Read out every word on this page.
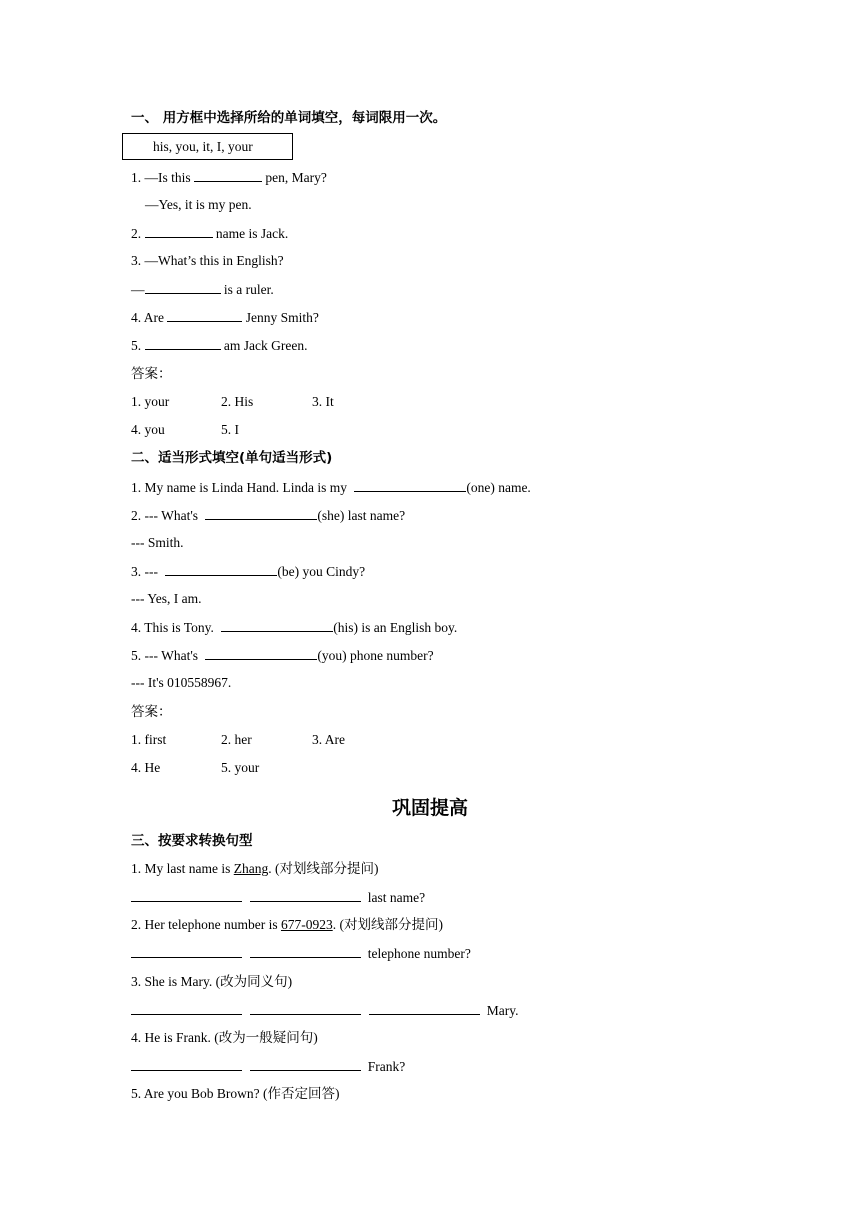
一、 用方框中选择所给的单词填空，每词限用一次。
his, you, it, I, your
1. —Is this	pen, Mary?
—Yes, it is my pen.
2.	name is Jack.
3. —What’s this in English?
—	is a ruler.
4. Are	Jenny Smith?
5.	am Jack Green.
答案：
1. your	2. His	3. It
4. you	5. I
二、适当形式填空(单句适当形式)
1. My name is Linda Hand. Linda is my	(one) name.
2. --- What's	(she) last name?
--- Smith.
3. ---	(be) you Cindy?
--- Yes, I am.
4. This is Tony.	(his) is an English boy.
5. --- What's	(you) phone number?
--- It's 010558967.
答案：
1. first	2. her	3. Are
4. He	5. your
巩固提高
三、按要求转换句型
1. My last name is Zhang. (对划线部分提问)
last name?
2. Her telephone number is 677-0923. (对划线部分提问)
telephone number?
3. She is Mary. (改为同义句)
Mary.
4. He is Frank. (改为一般疑问句)
Frank?
5. Are you Bob Brown? (作否定回答)
